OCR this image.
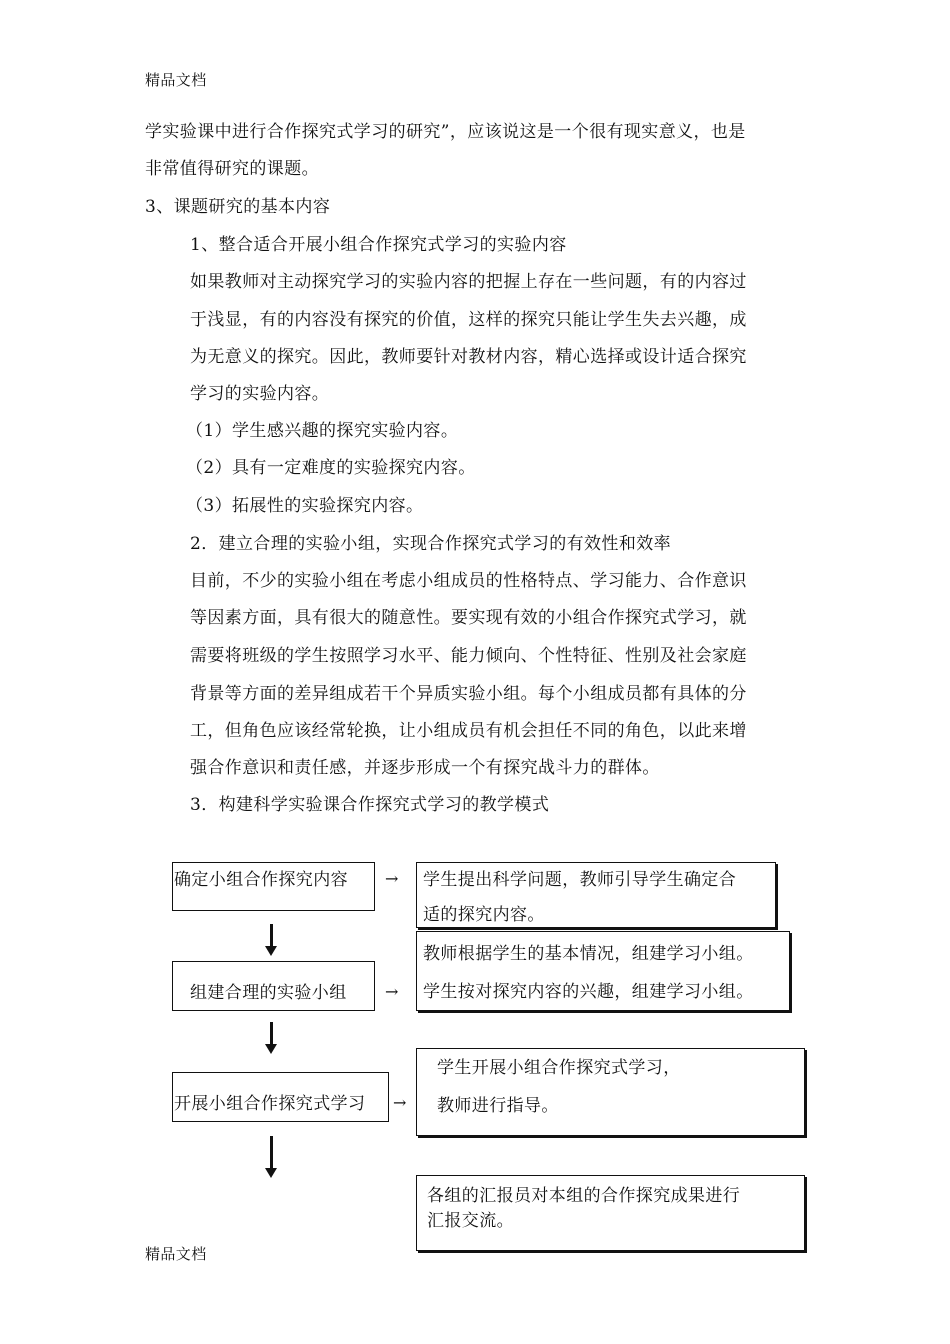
精品文档
学实验课中进行合作探究式学习的研究”，应该说这是一个很有现实意义，也是
非常值得研究的课题。
3、课题研究的基本内容
1、整合适合开展小组合作探究式学习的实验内容
如果教师对主动探究学习的实验内容的把握上存在一些问题，有的内容过
于浅显，有的内容没有探究的价值，这样的探究只能让学生失去兴趣，成
为无意义的探究。因此，教师要针对教材内容，精心选择或设计适合探究
学习的实验内容。
（1）学生感兴趣的探究实验内容。
（2）具有一定难度的实验探究内容。
（3）拓展性的实验探究内容。
2．建立合理的实验小组，实现合作探究式学习的有效性和效率
目前，不少的实验小组在考虑小组成员的性格特点、学习能力、合作意识
等因素方面，具有很大的随意性。要实现有效的小组合作探究式学习，就
需要将班级的学生按照学习水平、能力倾向、个性特征、性别及社会家庭
背景等方面的差异组成若干个异质实验小组。每个小组成员都有具体的分
工，但角色应该经常轮换，让小组成员有机会担任不同的角色，以此来增
强合作意识和责任感，并逐步形成一个有探究战斗力的群体。
3．构建科学实验课合作探究式学习的教学模式
确定小组合作探究内容 → 学生提出科学问题，教师引导学生确定合
适的探究内容。
组建合理的实验小组 →
教师根据学生的基本情况，组建学习小组。
学生按对探究内容的兴趣，组建学习小组。
开展小组合作探究式学习 →
学生开展小组合作探究式学习，
教师进行指导。
各组的汇报员对本组的合作探究成果进行
汇报交流。
精品文档
